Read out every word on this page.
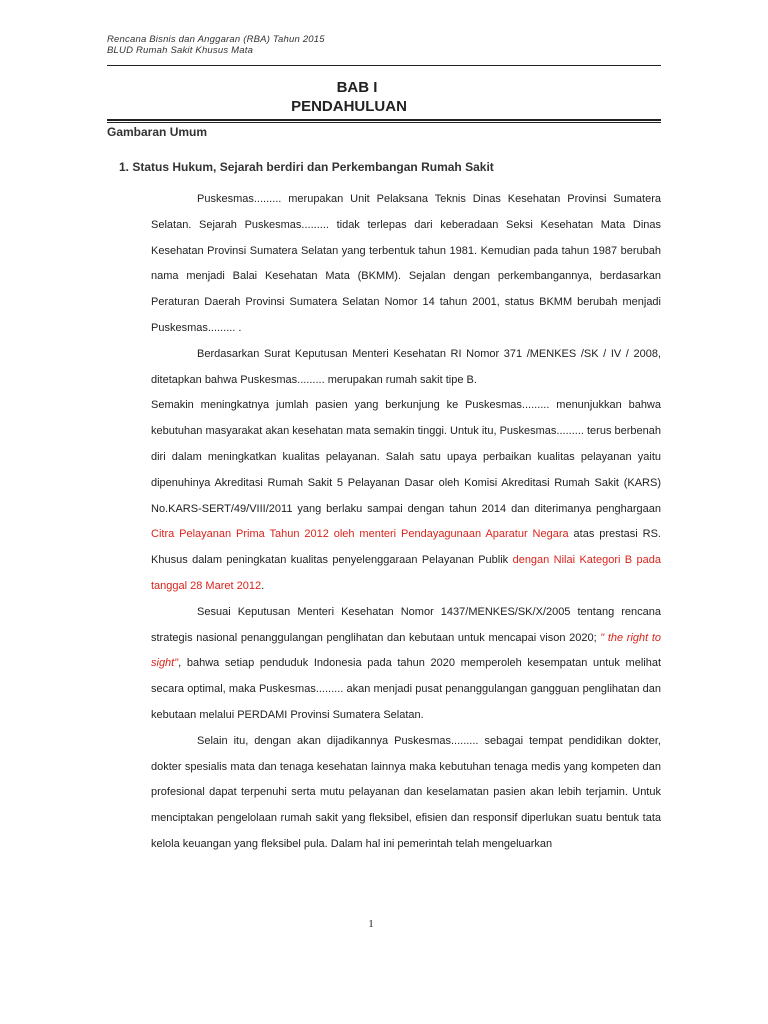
Rencana Bisnis dan Anggaran (RBA) Tahun 2015
BLUD Rumah Sakit Khusus Mata
BAB I
PENDAHULUAN
Gambaran Umum
1. Status Hukum, Sejarah berdiri dan Perkembangan Rumah Sakit

Puskesmas......... merupakan Unit Pelaksana Teknis Dinas Kesehatan Provinsi Sumatera Selatan. Sejarah Puskesmas......... tidak terlepas dari keberadaan Seksi Kesehatan Mata Dinas Kesehatan Provinsi Sumatera Selatan yang terbentuk tahun 1981. Kemudian pada tahun 1987 berubah nama menjadi Balai Kesehatan Mata (BKMM). Sejalan dengan perkembangannya, berdasarkan Peraturan Daerah Provinsi Sumatera Selatan Nomor 14 tahun 2001, status BKMM berubah menjadi Puskesmas......... .

Berdasarkan Surat Keputusan Menteri Kesehatan RI Nomor 371 /MENKES /SK / IV / 2008, ditetapkan bahwa Puskesmas......... merupakan rumah sakit tipe B.

Semakin meningkatnya jumlah pasien yang berkunjung ke Puskesmas......... menunjukkan bahwa kebutuhan masyarakat akan kesehatan mata semakin tinggi. Untuk itu, Puskesmas......... terus berbenah diri dalam meningkatkan kualitas pelayanan. Salah satu upaya perbaikan kualitas pelayanan yaitu dipenuhinya Akreditasi Rumah Sakit 5 Pelayanan Dasar oleh Komisi Akreditasi Rumah Sakit (KARS) No.KARS-SERT/49/VIII/2011 yang berlaku sampai dengan tahun 2014 dan diterimanya penghargaan Citra Pelayanan Prima Tahun 2012 oleh menteri Pendayagunaan Aparatur Negara atas prestasi RS. Khusus dalam peningkatan kualitas penyelenggaraan Pelayanan Publik dengan Nilai Kategori B pada tanggal 28 Maret 2012.

Sesuai Keputusan Menteri Kesehatan Nomor 1437/MENKES/SK/X/2005 tentang rencana strategis nasional penanggulangan penglihatan dan kebutaan untuk mencapai vison 2020; " the right to sight", bahwa setiap penduduk Indonesia pada tahun 2020 memperoleh kesempatan untuk melihat secara optimal, maka Puskesmas......... akan menjadi pusat penanggulangan gangguan penglihatan dan kebutaan melalui PERDAMI Provinsi Sumatera Selatan.

Selain itu, dengan akan dijadikannya Puskesmas......... sebagai tempat pendidikan dokter, dokter spesialis mata dan tenaga kesehatan lainnya maka kebutuhan tenaga medis yang kompeten dan profesional dapat terpenuhi serta mutu pelayanan dan keselamatan pasien akan lebih terjamin. Untuk menciptakan pengelolaan rumah sakit yang fleksibel, efisien dan responsif diperlukan suatu bentuk tata kelola keuangan yang fleksibel pula. Dalam hal ini pemerintah telah mengeluarkan

1
